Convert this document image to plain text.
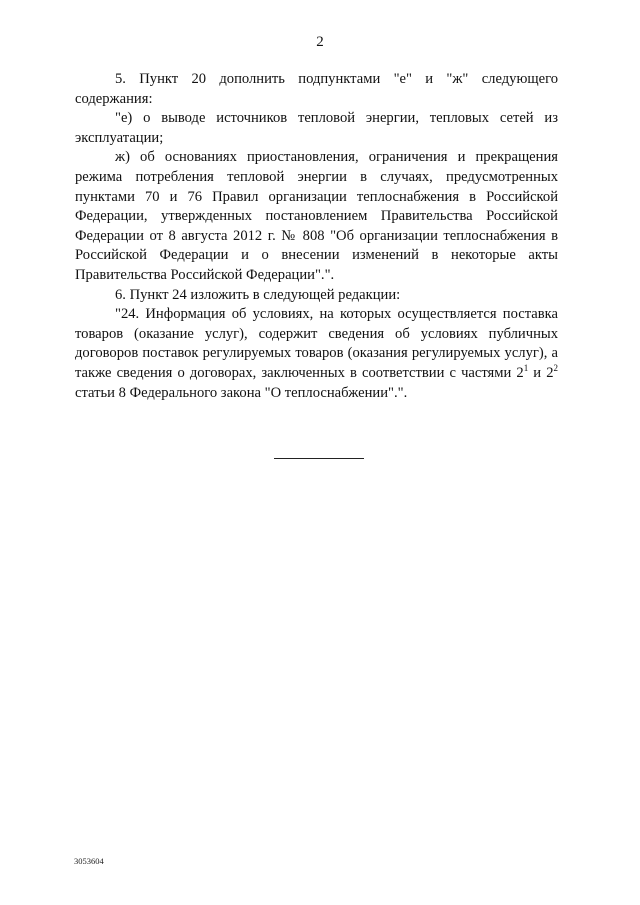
2

5. Пункт 20 дополнить подпунктами "е" и "ж" следующего
содержания:

"е) о выводе источников тепловой энергии, тепловых сетей из эксплуатации;

ж) об основаниях приостановления, ограничения и прекращения режима потребления тепловой энергии в случаях, предусмотренных пунктами 70 и 76 Правил организации теплоснабжения в Российской Федерации, утвержденных постановлением Правительства Российской Федерации от 8 августа 2012 г. № 808 "Об организации теплоснабжения в Российской Федерации и о внесении изменений в некоторые акты Правительства Российской Федерации".".

6. Пункт 24 изложить в следующей редакции:

"24. Информация об условиях, на которых осуществляется поставка товаров (оказание услуг), содержит сведения об условиях публичных договоров поставок регулируемых товаров (оказания регулируемых услуг), а также сведения о договорах, заключенных в соответствии с частями $2^1$ и $2^2$ статьи 8 Федерального закона "О теплоснабжении".".

3053604
